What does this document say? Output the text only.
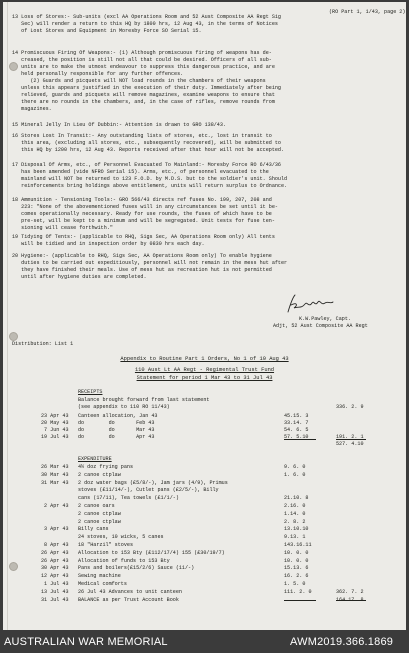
(RO Part 1, 1/43, page 2)
13 Loss of Stores:- Sub-units (excl AA Operations Room and 52 Aust Composite AA Regt Sig
Sec) will render a return to this HQ by 1800 hrs, 12 Aug 43, in the terms of Notices
of Lost Stores and Equipment in Moresby Force SO Serial 15.
14 Promiscuous Firing Of Weapons:- (1) Although promiscuous firing of weapons has de-
creased, the position is still not all that could be desired. Officers of all sub-
units are to make the utmost endeavour to suppress this dangerous practice, and are
held personally responsible for any further offences.
(2) Guards and picquets will NOT load rounds in the chambers of their weapons
unless this appears justified in the execution of their duty. Immediately after being
relieved, guards and picquets will remove magazines, examine weapons to ensure that
there are no rounds in the chambers, and, in the case of rifles, remove rounds from
magazines.
15 Mineral Jelly In Lieu Of Dubbin:- Attention is drawn to GRO 138/43.
16 Stores Lost In Transit:- Any outstanding lists of stores, etc., lost in transit to
this area, (excluding all stores, etc., subsequently recovered), will be submitted to
this HQ by 1200 hrs, 12 Aug 43. Reports received after that hour will not be accepted.
17 Disposal Of Arms, etc., of Personnel Evacuated To Mainland:- Moresby Force RO 6/43/36
has been amended (vide NFRO Serial 15). Arms, etc., of personnel evacuated to the
mainland will NOT be returned to 123 F.O.D. by M.D.S. but to the soldier's unit. Should
reinforcements bring holdings above entitlement, units will return surplus to Ordnance.
18 Ammunition - Tensioning Tools:- GRO 566/43 directs ref fuses No. 199, 207, 208 and
223: "None of the abovementioned fuses will in any circumstances be set until it be-
comes operationally necessary. Ready for use rounds, the fuses of which have to be
pre-set, will be kept to a minimum and will be segregated. Unit tests for fuse ten-
sioning will cease forthwith."
19 Tidying Of Tents:- (applicable to RHQ, Sigs Sec, AA Operations Room only) All tents
will be tidied and in inspection order by 0830 hrs each day.
20 Hygiene:- (applicable to RHQ, Sigs Sec, AA Operations Room only) To enable hygiene
duties to be carried out expeditiously, personnel will not remain in the mess hut after
they have finished their meals. Use of mess hut as recreation hut is not permitted
until after hygiene duties are completed.
K.W.Pawley, Capt.
Adjt, 52 Aust Composite AA Regt
Distribution: List 1
Appendix to Routine Part 1 Orders, No 1 of 10 Aug 43
110 Aust Lt AA Regt - Regimental Trust Fund
Statement for period 1 Mar 43 to 31 Jul 43
RECEIPTS
Balance brought forward from last statement
(see appendix to 110 RO 11/43)	336. 2. 9
23 Apr 43 Canteen allocation, Jan 43	45.15. 3
20 May 43 do        do       Feb 43	33.14. 7
7 Jun 43 do        do       Mar 43	54. 6. 5
19 Jul 43 do        do       Apr 43	57. 5.10	191. 2. 1
527. 4.10
EXPENDITURE
26 Mar 43 4½ doz frying pans	9. 6. 0
30 Mar 43 2 canoe ctplaw	1. 6. 0
31 Mar 43 2 doz water bags (£5/8/-), Jam jars (4/9), Primus
stoves (£11/14/-), Cutlet pans (£2/5/-), Billy
cans (17/11), Tea towels (£1/1/-)	21.10. 8
2 Apr 43 2 canoe oars	2.16. 0
2 canoe ctplaw	1.14. 0
2 canoe ctplaw	2. 8. 2
3 Apr 43 Billy cans	13.10.10
24 stoves, 10 wicks, 5 canes	9.13. 1
8 Apr 43 18 "Harzil" stoves	143.16.11
26 Apr 43 Allocation to 153 Bty (£112/17/4) 155 (£30/19/7)	10. 0. 0
26 Apr 43 Allocation of funds to 153 Bty	10. 0. 0
30 Apr 43 Pans and boilers(£15/2/6) Sauce (11/-)	15.13. 6
12 Apr 43 Sewing machine	16. 2. 6
1 Jul 43 Medical comforts	1. 5. 0
13 Jul 43 26 Jul 43 Advances to unit canteen	111. 2. 0	362. 7. 2
31 Jul 43 BALANCE as per Trust Account Book	164.17. 8
AUSTRALIAN WAR MEMORIAL	AWM2019.366.1869
